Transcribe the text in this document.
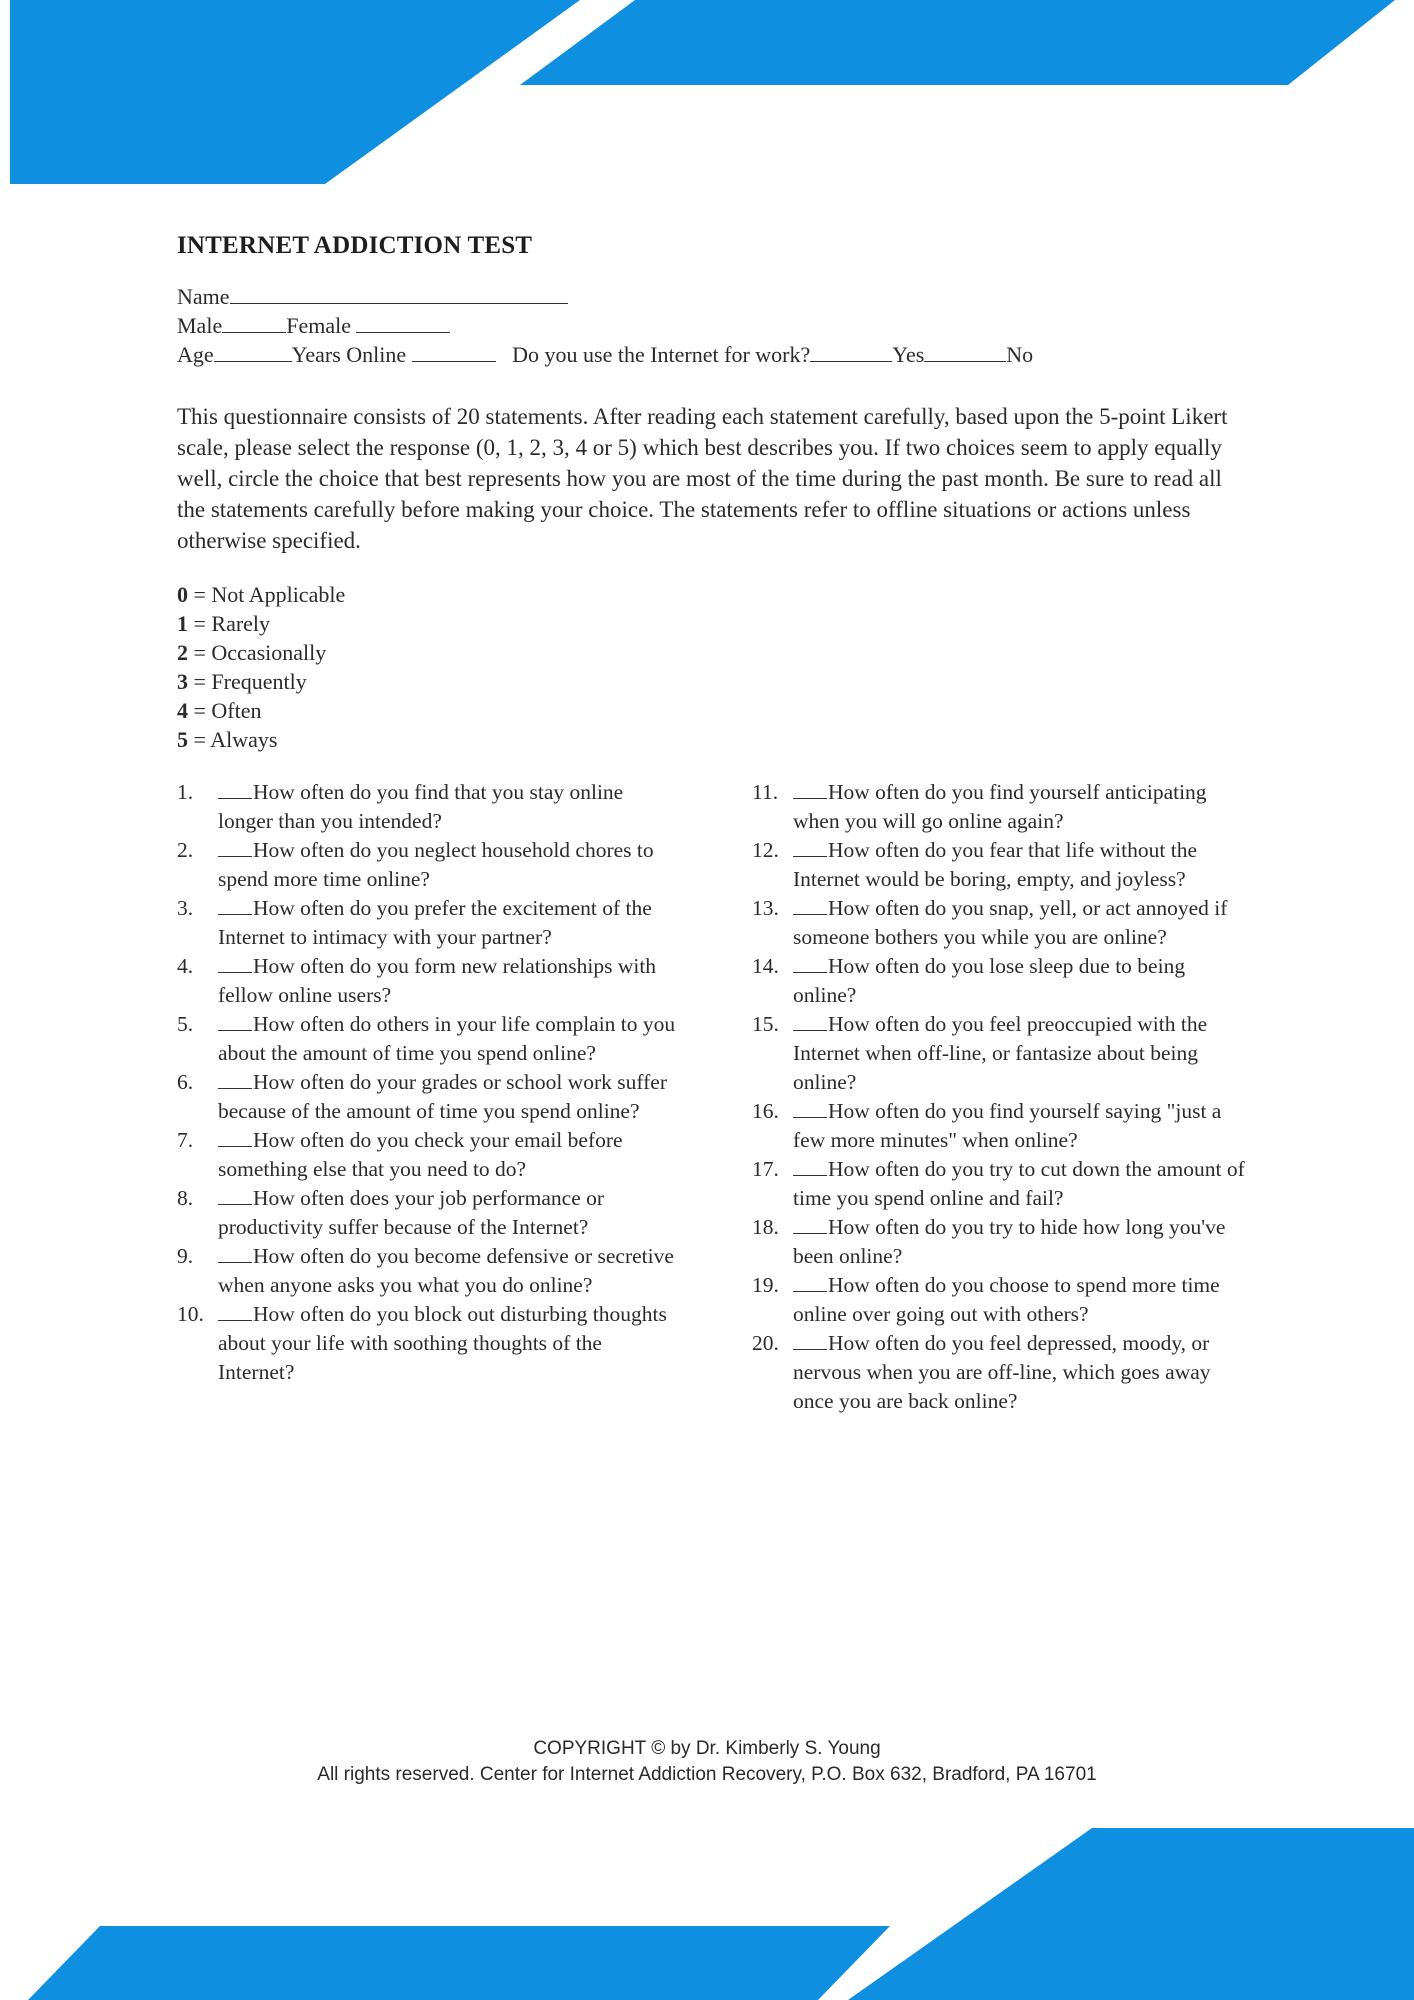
INTERNET ADDICTION TEST
Name
Male	Female
Age	Years Online	Do you use the Internet for work?	Yes	No
This questionnaire consists of 20 statements. After reading each statement carefully, based upon the 5-point Likert scale, please select the response (0, 1, 2, 3, 4 or 5) which best describes you. If two choices seem to apply equally well, circle the choice that best represents how you are most of the time during the past month. Be sure to read all the statements carefully before making your choice. The statements refer to offline situations or actions unless otherwise specified.
0 = Not Applicable
1 = Rarely
2 = Occasionally
3 = Frequently
4 = Often
5 = Always
1.	How often do you find that you stay online longer than you intended?
2.	How often do you neglect household chores to spend more time online?
3.	How often do you prefer the excitement of the Internet to intimacy with your partner?
4.	How often do you form new relationships with fellow online users?
5.	How often do others in your life complain to you about the amount of time you spend online?
6.	How often do your grades or school work suffer because of the amount of time you spend online?
7.	How often do you check your email before something else that you need to do?
8.	How often does your job performance or productivity suffer because of the Internet?
9.	How often do you become defensive or secretive when anyone asks you what you do online?
10.	How often do you block out disturbing thoughts about your life with soothing thoughts of the Internet?
11.	How often do you find yourself anticipating when you will go online again?
12.	How often do you fear that life without the Internet would be boring, empty, and joyless?
13.	How often do you snap, yell, or act annoyed if someone bothers you while you are online?
14.	How often do you lose sleep due to being online?
15.	How often do you feel preoccupied with the Internet when off-line, or fantasize about being online?
16.	How often do you find yourself saying "just a few more minutes" when online?
17.	How often do you try to cut down the amount of time you spend online and fail?
18.	How often do you try to hide how long you've been online?
19.	How often do you choose to spend more time online over going out with others?
20.	How often do you feel depressed, moody, or nervous when you are off-line, which goes away once you are back online?
COPYRIGHT © by Dr. Kimberly S. Young
All rights reserved. Center for Internet Addiction Recovery, P.O. Box 632, Bradford, PA 16701
